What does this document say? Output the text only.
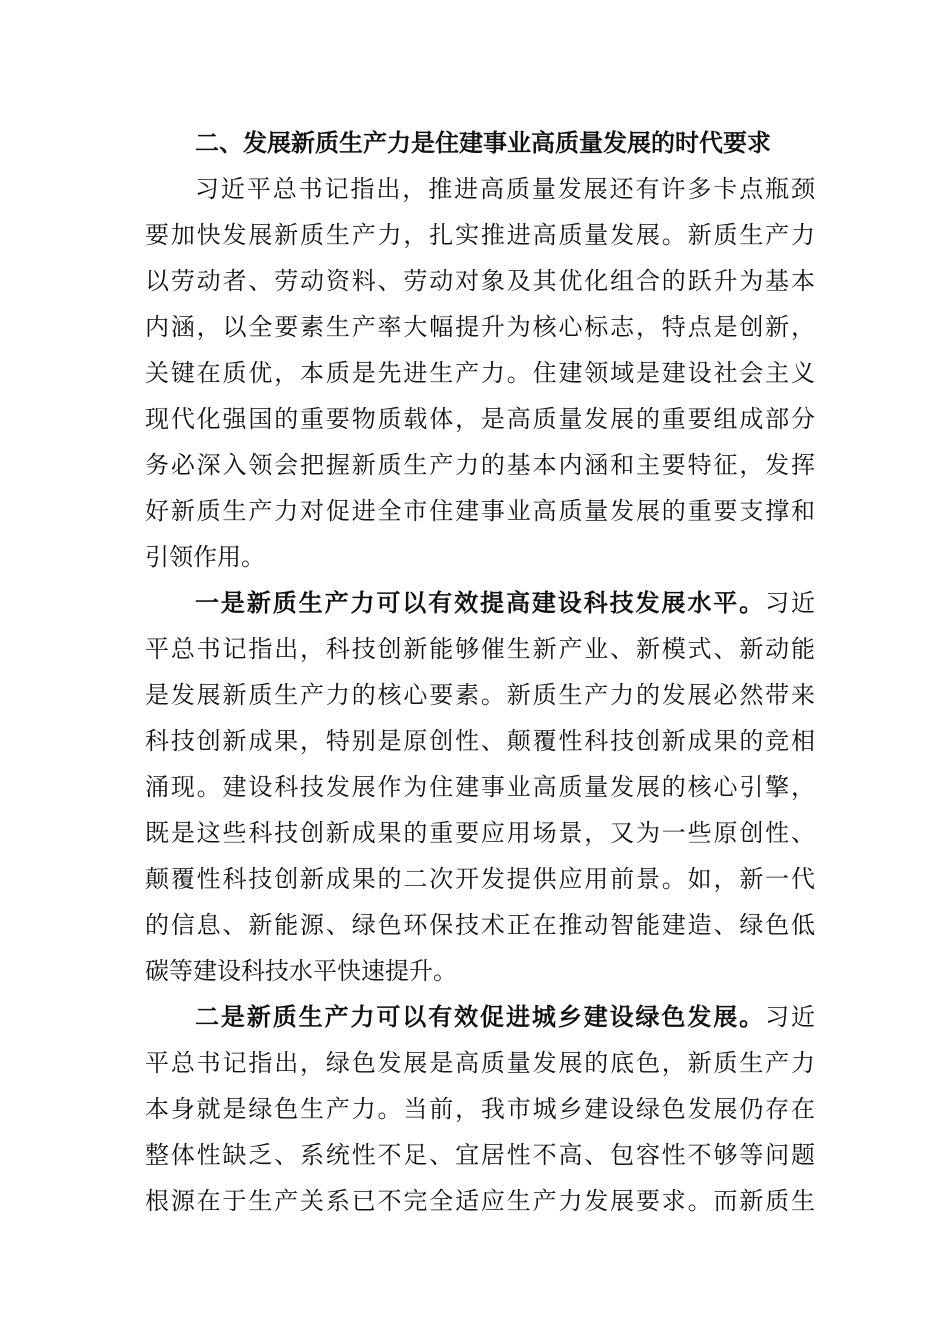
二、发展新质生产力是住建事业高质量发展的时代要求
习近平总书记指出，推进高质量发展还有许多卡点瓶颈
要加快发展新质生产力，扎实推进高质量发展。新质生产力
以劳动者、劳动资料、劳动对象及其优化组合的跃升为基本
内涵，以全要素生产率大幅提升为核心标志，特点是创新，
关键在质优，本质是先进生产力。住建领域是建设社会主义
现代化强国的重要物质载体，是高质量发展的重要组成部分
务必深入领会把握新质生产力的基本内涵和主要特征，发挥
好新质生产力对促进全市住建事业高质量发展的重要支撑和
引领作用。
一是新质生产力可以有效提高建设科技发展水平。习近
平总书记指出，科技创新能够催生新产业、新模式、新动能
是发展新质生产力的核心要素。新质生产力的发展必然带来
科技创新成果，特别是原创性、颠覆性科技创新成果的竞相
涌现。建设科技发展作为住建事业高质量发展的核心引擎，
既是这些科技创新成果的重要应用场景，又为一些原创性、
颠覆性科技创新成果的二次开发提供应用前景。如，新一代
的信息、新能源、绿色环保技术正在推动智能建造、绿色低
碳等建设科技水平快速提升。
二是新质生产力可以有效促进城乡建设绿色发展。习近
平总书记指出，绿色发展是高质量发展的底色，新质生产力
本身就是绿色生产力。当前，我市城乡建设绿色发展仍存在
整体性缺乏、系统性不足、宜居性不高、包容性不够等问题
根源在于生产关系已不完全适应生产力发展要求。而新质生
